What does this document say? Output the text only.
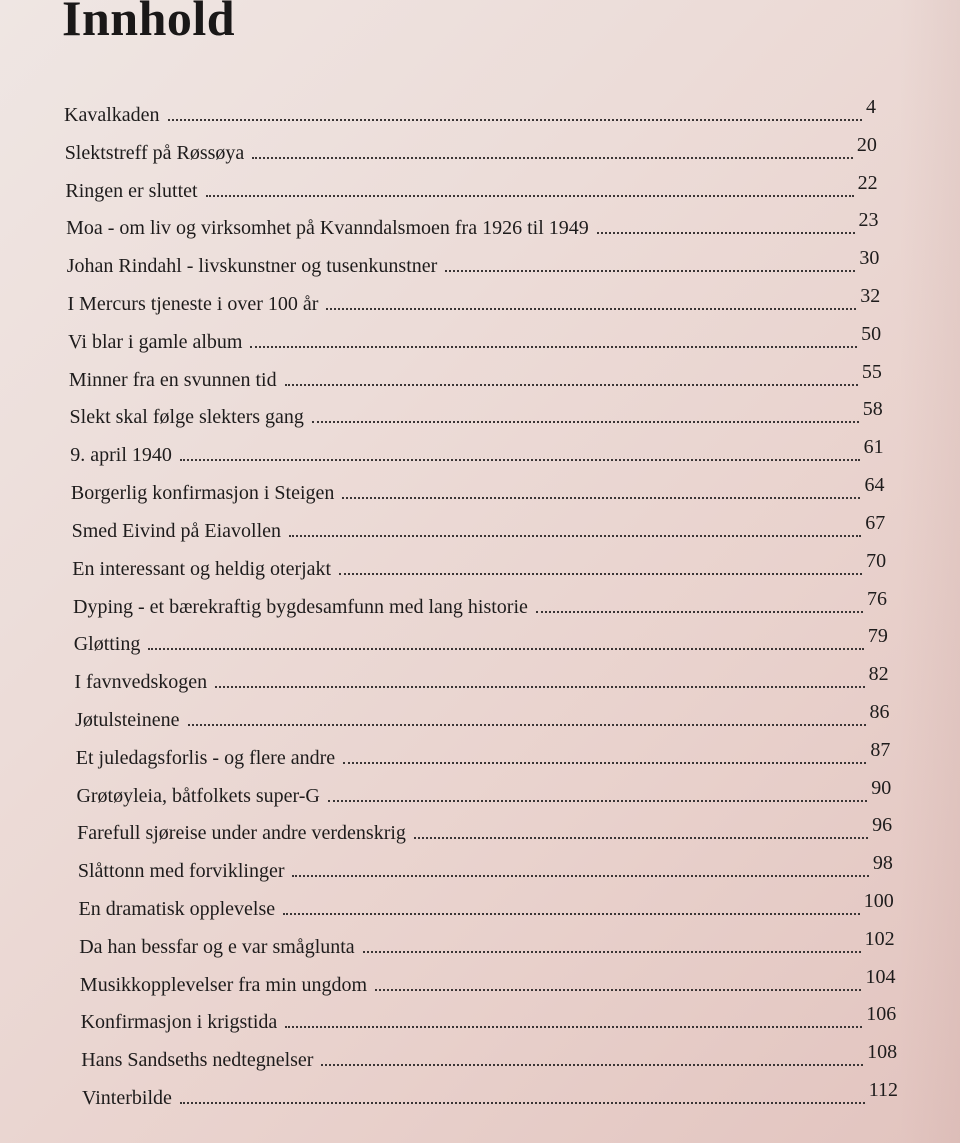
Innhold
Kavalkaden	4
Slektstreff på Røssøya	20
Ringen er sluttet	22
Moa - om liv og virksomhet på Kvanndalsmoen fra 1926 til 1949	23
Johan Rindahl - livskunstner og tusenkunstner	30
I Mercurs tjeneste i over 100 år	32
Vi blar i gamle album	50
Minner fra en svunnen tid	55
Slekt skal følge slekters gang	58
9. april 1940	61
Borgerlig konfirmasjon i Steigen	64
Smed Eivind på Eiavollen	67
En interessant og heldig oterjakt	70
Dyping - et bærekraftig bygdesamfunn med lang historie	76
Gløtting	79
I favnvedskogen	82
Jøtulsteinene	86
Et juledagsforlis - og flere andre	87
Grøtøyleia, båtfolkets super-G	90
Farefull sjøreise under andre verdenskrig	96
Slåttonn med forviklinger	98
En dramatisk opplevelse	100
Da han bessfar og e var småglunta	102
Musikkopplevelser fra min ungdom	104
Konfirmasjon i krigstida	106
Hans Sandseths nedtegnelser	108
Vinterbilde	112
